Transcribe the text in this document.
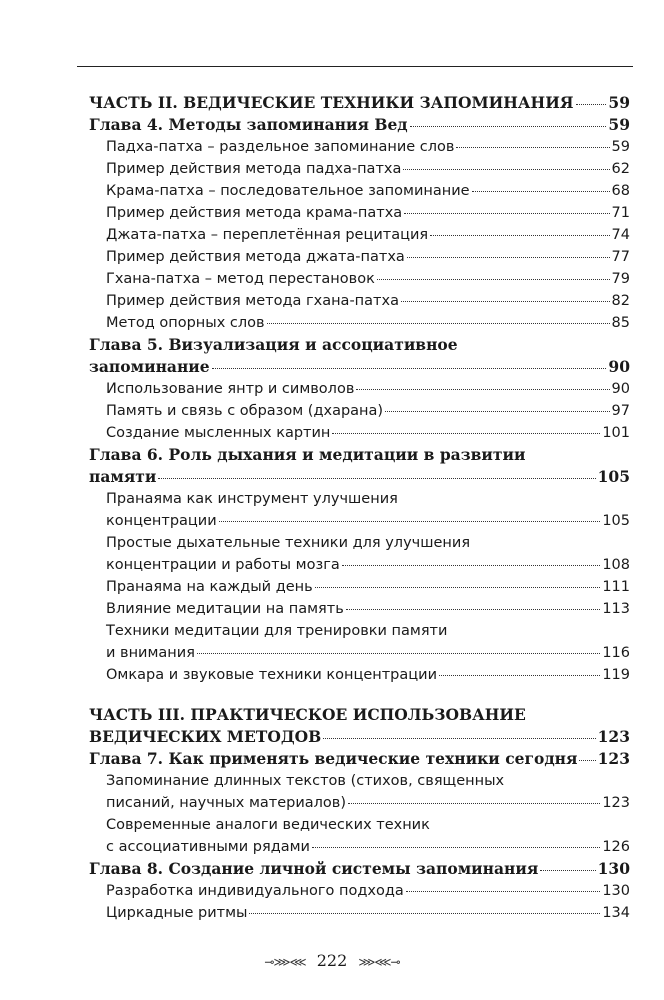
ЧАСТЬ II. ВЕДИЧЕСКИЕ ТЕХНИКИ ЗАПОМИНАНИЯ 59
Глава 4. Методы запоминания Вед	59
Падха-патха – раздельное запоминание слов	59
Пример действия метода падха-патха	62
Крама-патха – последовательное запоминание	68
Пример действия метода крама-патха	71
Джата-патха – переплетённая рецитация	74
Пример действия метода джата-патха	77
Гхана-патха – метод перестановок	79
Пример действия метода гхана-патха	82
Метод опорных слов	85
Глава 5. Визуализация и ассоциативное
запоминание	90
Использование янтр и символов	90
Память и связь с образом (дхарана)	97
Создание мысленных картин	101
Глава 6. Роль дыхания и медитации в развитии
памяти	105
Пранаяма как инструмент улучшения
концентрации	105
Простые дыхательные техники для улучшения
концентрации и работы мозга	108
Пранаяма на каждый день	111
Влияние медитации на память	113
Техники медитации для тренировки памяти
и внимания	116
Омкара и звуковые техники концентрации	119
ЧАСТЬ III. ПРАКТИЧЕСКОЕ ИСПОЛЬЗОВАНИЕ
ВЕДИЧЕСКИХ МЕТОДОВ	123
Глава 7. Как применять ведические техники сегодня 123
Запоминание длинных текстов (стихов, священных
писаний, научных материалов)	123
Современные аналоги ведических техник
с ассоциативными рядами	126
Глава 8. Создание личной системы запоминания	130
Разработка индивидуального подхода	130
Циркадные ритмы	134
⊸⋙⋘ 222 ⋙⋘⊸
